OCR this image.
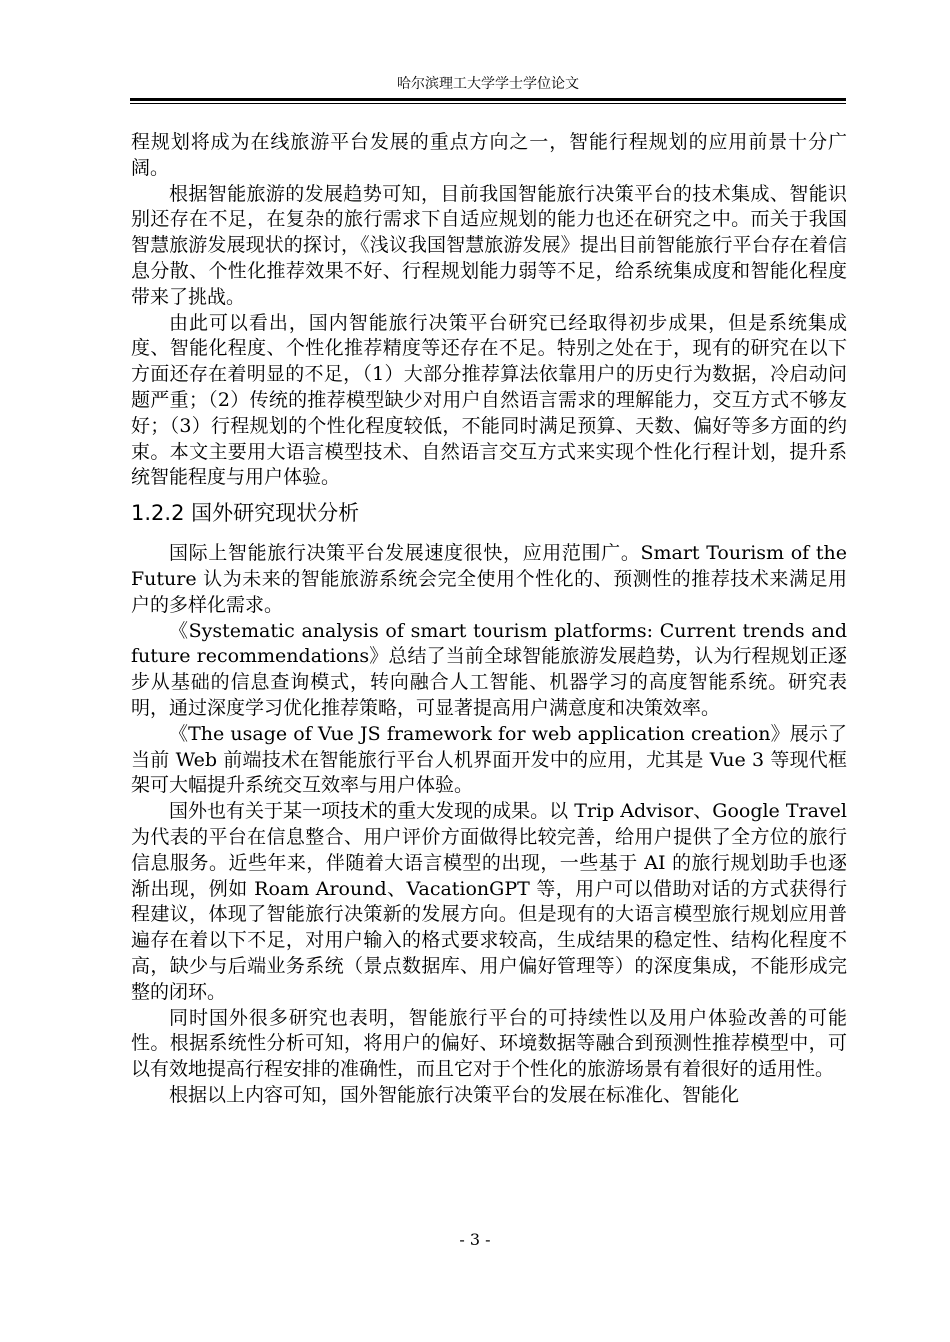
哈尔滨理工大学学士学位论文

程规划将成为在线旅游平台发展的重点方向之一，智能行程规划的应用前景十分广阔。

根据智能旅游的发展趋势可知，目前我国智能旅行决策平台的技术集成、智能识别还存在不足，在复杂的旅行需求下自适应规划的能力也还在研究之中。而关于我国智慧旅游发展现状的探讨，《浅议我国智慧旅游发展》提出目前智能旅行平台存在着信息分散、个性化推荐效果不好、行程规划能力弱等不足，给系统集成度和智能化程度带来了挑战。

由此可以看出，国内智能旅行决策平台研究已经取得初步成果，但是系统集成度、智能化程度、个性化推荐精度等还存在不足。特别之处在于，现有的研究在以下方面还存在着明显的不足，（1）大部分推荐算法依靠用户的历史行为数据，冷启动问题严重；（2）传统的推荐模型缺少对用户自然语言需求的理解能力，交互方式不够友好；（3）行程规划的个性化程度较低，不能同时满足预算、天数、偏好等多方面的约束。本文主要用大语言模型技术、自然语言交互方式来实现个性化行程计划，提升系统智能程度与用户体验。

1.2.2 国外研究现状分析

国际上智能旅行决策平台发展速度很快，应用范围广。Smart Tourism of the Future 认为未来的智能旅游系统会完全使用个性化的、预测性的推荐技术来满足用户的多样化需求。

《Systematic analysis of smart tourism platforms: Current trends and future recommendations》总结了当前全球智能旅游发展趋势，认为行程规划正逐步从基础的信息查询模式，转向融合人工智能、机器学习的高度智能系统。研究表明，通过深度学习优化推荐策略，可显著提高用户满意度和决策效率。

《The usage of Vue JS framework for web application creation》展示了当前 Web 前端技术在智能旅行平台人机界面开发中的应用，尤其是 Vue 3 等现代框架可大幅提升系统交互效率与用户体验。

国外也有关于某一项技术的重大发现的成果。以 Trip Advisor、Google Travel 为代表的平台在信息整合、用户评价方面做得比较完善，给用户提供了全方位的旅行信息服务。近些年来，伴随着大语言模型的出现，一些基于 AI 的旅行规划助手也逐渐出现，例如 Roam Around、VacationGPT 等，用户可以借助对话的方式获得行程建议，体现了智能旅行决策新的发展方向。但是现有的大语言模型旅行规划应用普遍存在着以下不足，对用户输入的格式要求较高，生成结果的稳定性、结构化程度不高，缺少与后端业务系统（景点数据库、用户偏好管理等）的深度集成，不能形成完整的闭环。

同时国外很多研究也表明，智能旅行平台的可持续性以及用户体验改善的可能性。根据系统性分析可知，将用户的偏好、环境数据等融合到预测性推荐模型中，可以有效地提高行程安排的准确性，而且它对于个性化的旅游场景有着很好的适用性。

根据以上内容可知，国外智能旅行决策平台的发展在标准化、智能化

- 3 -
